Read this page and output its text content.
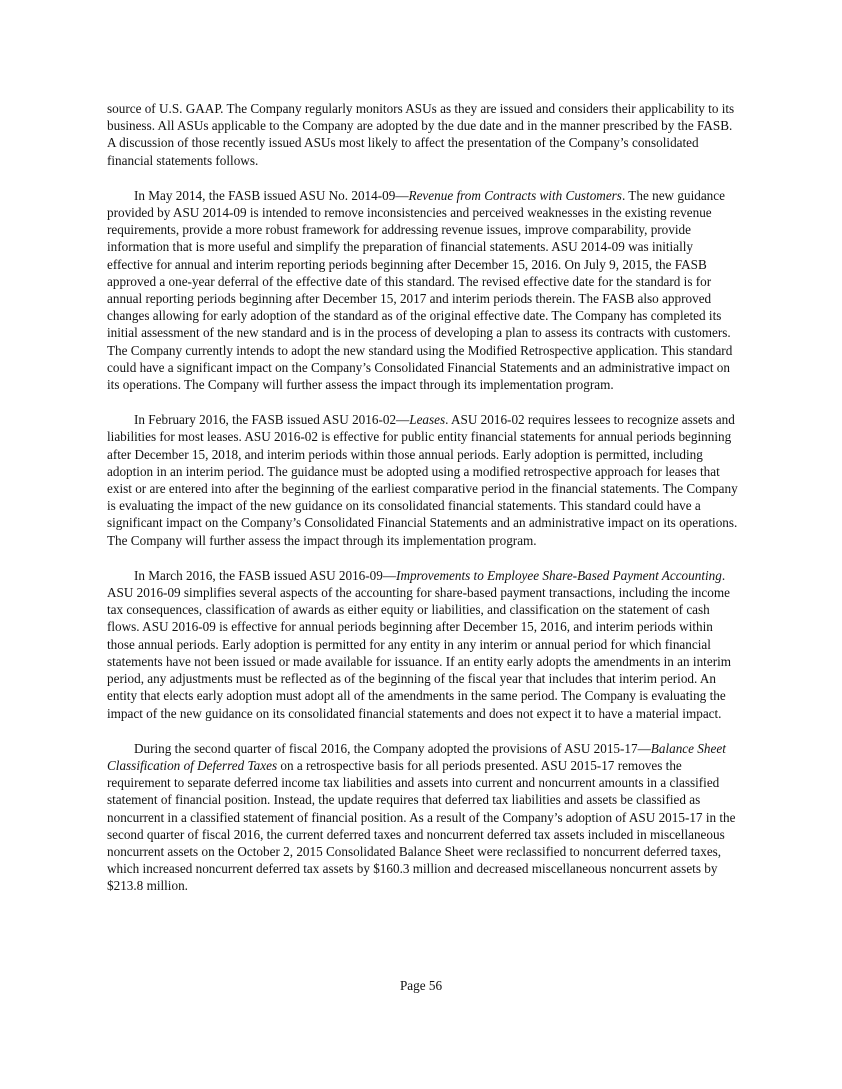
source of U.S. GAAP. The Company regularly monitors ASUs as they are issued and considers their applicability to its business. All ASUs applicable to the Company are adopted by the due date and in the manner prescribed by the FASB. A discussion of those recently issued ASUs most likely to affect the presentation of the Company’s consolidated financial statements follows.

In May 2014, the FASB issued ASU No. 2014-09—Revenue from Contracts with Customers. The new guidance provided by ASU 2014-09 is intended to remove inconsistencies and perceived weaknesses in the existing revenue requirements, provide a more robust framework for addressing revenue issues, improve comparability, provide information that is more useful and simplify the preparation of financial statements. ASU 2014-09 was initially effective for annual and interim reporting periods beginning after December 15, 2016. On July 9, 2015, the FASB approved a one-year deferral of the effective date of this standard. The revised effective date for the standard is for annual reporting periods beginning after December 15, 2017 and interim periods therein. The FASB also approved changes allowing for early adoption of the standard as of the original effective date. The Company has completed its initial assessment of the new standard and is in the process of developing a plan to assess its contracts with customers. The Company currently intends to adopt the new standard using the Modified Retrospective application. This standard could have a significant impact on the Company’s Consolidated Financial Statements and an administrative impact on its operations. The Company will further assess the impact through its implementation program.

In February 2016, the FASB issued ASU 2016-02—Leases. ASU 2016-02 requires lessees to recognize assets and liabilities for most leases. ASU 2016-02 is effective for public entity financial statements for annual periods beginning after December 15, 2018, and interim periods within those annual periods. Early adoption is permitted, including adoption in an interim period. The guidance must be adopted using a modified retrospective approach for leases that exist or are entered into after the beginning of the earliest comparative period in the financial statements. The Company is evaluating the impact of the new guidance on its consolidated financial statements. This standard could have a significant impact on the Company’s Consolidated Financial Statements and an administrative impact on its operations. The Company will further assess the impact through its implementation program.

In March 2016, the FASB issued ASU 2016-09—Improvements to Employee Share-Based Payment Accounting. ASU 2016-09 simplifies several aspects of the accounting for share-based payment transactions, including the income tax consequences, classification of awards as either equity or liabilities, and classification on the statement of cash flows. ASU 2016-09 is effective for annual periods beginning after December 15, 2016, and interim periods within those annual periods. Early adoption is permitted for any entity in any interim or annual period for which financial statements have not been issued or made available for issuance. If an entity early adopts the amendments in an interim period, any adjustments must be reflected as of the beginning of the fiscal year that includes that interim period. An entity that elects early adoption must adopt all of the amendments in the same period. The Company is evaluating the impact of the new guidance on its consolidated financial statements and does not expect it to have a material impact.

During the second quarter of fiscal 2016, the Company adopted the provisions of ASU 2015-17—Balance Sheet Classification of Deferred Taxes on a retrospective basis for all periods presented. ASU 2015-17 removes the requirement to separate deferred income tax liabilities and assets into current and noncurrent amounts in a classified statement of financial position. Instead, the update requires that deferred tax liabilities and assets be classified as noncurrent in a classified statement of financial position. As a result of the Company’s adoption of ASU 2015-17 in the second quarter of fiscal 2016, the current deferred taxes and noncurrent deferred tax assets included in miscellaneous noncurrent assets on the October 2, 2015 Consolidated Balance Sheet were reclassified to noncurrent deferred taxes, which increased noncurrent deferred tax assets by $160.3 million and decreased miscellaneous noncurrent assets by $213.8 million.

Page 56
